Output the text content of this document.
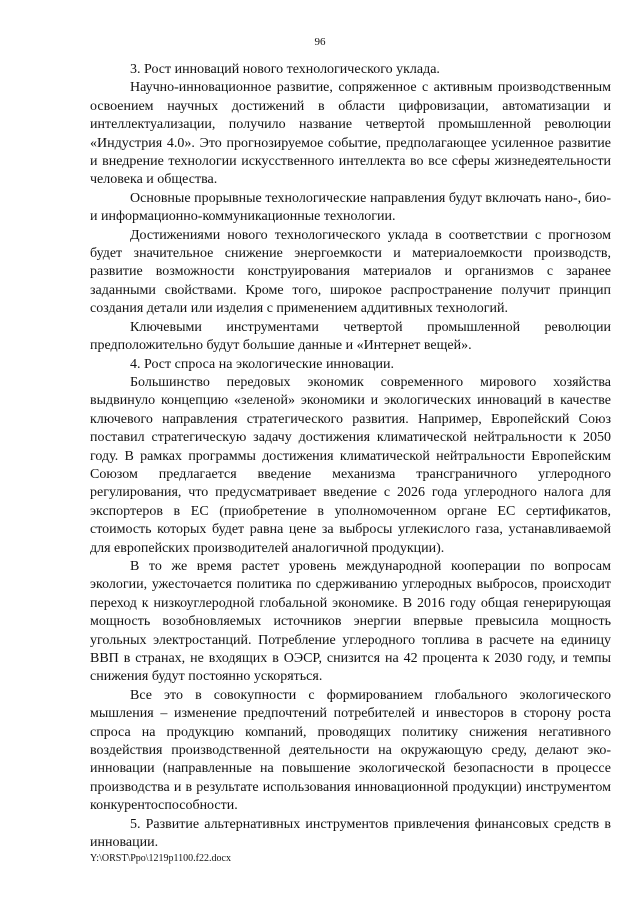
96

3. Рост инноваций нового технологического уклада.

Научно-инновационное развитие, сопряженное с активным производственным освоением научных достижений в области цифровизации, автоматизации и интеллектуализации, получило название четвертой промышленной революции «Индустрия 4.0». Это прогнозируемое событие, предполагающее усиленное развитие и внедрение технологии искусственного интеллекта во все сферы жизнедеятельности человека и общества.

Основные прорывные технологические направления будут включать нано-, био- и информационно-коммуникационные технологии.

Достижениями нового технологического уклада в соответствии с прогнозом будет значительное снижение энергоемкости и материалоемкости производств, развитие возможности конструирования материалов и организмов с заранее заданными свойствами. Кроме того, широкое распространение получит принцип создания детали или изделия с применением аддитивных технологий.

Ключевыми инструментами четвертой промышленной революции предположительно будут большие данные и «Интернет вещей».

4. Рост спроса на экологические инновации.

Большинство передовых экономик современного мирового хозяйства выдвинуло концепцию «зеленой» экономики и экологических инноваций в качестве ключевого направления стратегического развития. Например, Европейский Союз поставил стратегическую задачу достижения климатической нейтральности к 2050 году. В рамках программы достижения климатической нейтральности Европейским Союзом предлагается введение механизма трансграничного углеродного регулирования, что предусматривает введение с 2026 года углеродного налога для экспортеров в ЕС (приобретение в уполномоченном органе ЕС сертификатов, стоимость которых будет равна цене за выбросы углекислого газа, устанавливаемой для европейских производителей аналогичной продукции).

В то же время растет уровень международной кооперации по вопросам экологии, ужесточается политика по сдерживанию углеродных выбросов, происходит переход к низкоуглеродной глобальной экономике. В 2016 году общая генерирующая мощность возобновляемых источников энергии впервые превысила мощность угольных электростанций. Потребление углеродного топлива в расчете на единицу ВВП в странах, не входящих в ОЭСР, снизится на 42 процента к 2030 году, и темпы снижения будут постоянно ускоряться.

Все это в совокупности с формированием глобального экологического мышления – изменение предпочтений потребителей и инвесторов в сторону роста спроса на продукцию компаний, проводящих политику снижения негативного воздействия производственной деятельности на окружающую среду, делают эко-инновации (направленные на повышение экологической безопасности в процессе производства и в результате использования инновационной продукции) инструментом конкурентоспособности.

5. Развитие альтернативных инструментов привлечения финансовых средств в инновации.

Y:\ORST\Ppo\1219p1100.f22.docx
